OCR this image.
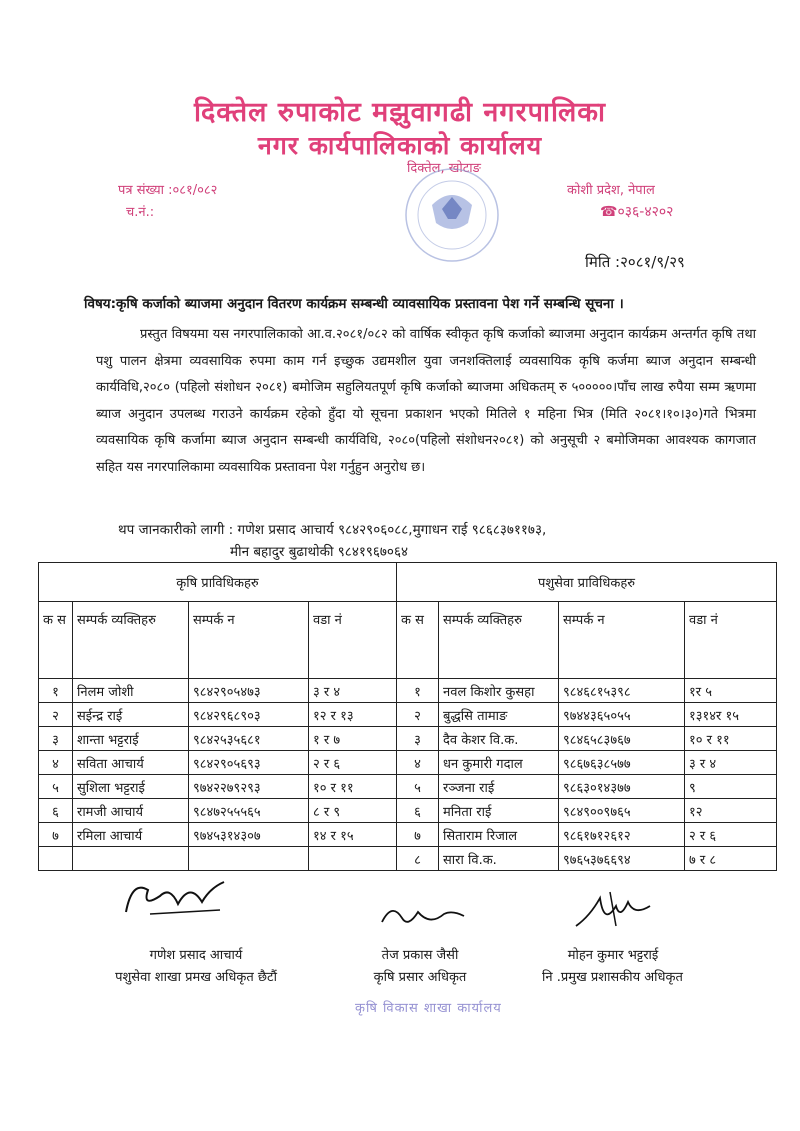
दिक्तेल रुपाकोट मझुवागढी नगरपालिका
नगर कार्यपालिकाको कार्यालय
दिक्तेल, खोटाङ
पत्र संख्या :०८१/०८२
च.नं.:
कोशी प्रदेश, नेपाल
☎०३६-४२०२
मिति :२०८१/९/२९
विषय:कृषि कर्जाको ब्याजमा अनुदान वितरण कार्यक्रम सम्बन्धी व्यावसायिक प्रस्तावना पेश गर्ने सम्बन्धि सूचना ।
प्रस्तुत विषयमा यस नगरपालिकाको आ.व.२०८१/०८२ को वार्षिक स्वीकृत कृषि कर्जाको ब्याजमा अनुदान कार्यक्रम अन्तर्गत कृषि तथा पशु पालन क्षेत्रमा व्यवसायिक रुपमा काम गर्न इच्छुक उद्यमशील युवा जनशक्तिलाई व्यवसायिक कृषि कर्जमा ब्याज अनुदान सम्बन्धी कार्यविधि,२०८० (पहिलो संशोधन २०८१) बमोजिम सहुलियतपूर्ण कृषि कर्जाको ब्याजमा अधिकतम् रु ५०००००।पाँच लाख रुपैया सम्म ऋणमा ब्याज अनुदान उपलब्ध गराउने कार्यक्रम रहेको हुँदा यो सूचना प्रकाशन भएको मितिले १ महिना भित्र (मिति २०८१।१०।३०)गते भित्रमा व्यवसायिक कृषि कर्जामा ब्याज अनुदान सम्बन्धी कार्यविधि, २०८०(पहिलो संशोधन२०८१) को अनुसूची २ बमोजिमका आवश्यक कागजात सहित यस नगरपालिकामा व्यवसायिक प्रस्तावना पेश गर्नुहुन अनुरोध छ।
थप जानकारीको लागी : गणेश प्रसाद आचार्य ९८४२९०६०८८,मुगाधन राई ९८६८३७११७३,
मीन बहादुर बुढाथोकी ९८४१९६७०६४
कृषि प्राविधिकहरु				पशुसेवा प्राविधिकहरु			
क स	सम्पर्क व्यक्तिहरु	सम्पर्क न	वडा नं	क स	सम्पर्क व्यक्तिहरु	सम्पर्क न	वडा नं
१	निलम जोशी	९८४२९०५४७३	३ र ४	१	नवल किशोर कुसहा	९८४६८१५३९८	१र ५
२	सईन्द्र राई	९८४२९६८९०३	१२ र १३	२	बुद्धसि तामाङ	९७४४३६५०५५	१३१४र १५
३	शान्ता भट्टराई	९८४२५३५६८१	१ र ७	३	दैव केशर वि.क.	९८४६५८३७६७	१० र ११
४	सविता आचार्य	९८४२९०५६९३	२ र ६	४	धन कुमारी गदाल	९८६७६३८५७७	३ र ४
५	सुशिला भट्टराई	९७४२२७९२९३	१० र ११	५	रञ्जना राई	९८६३०१४३७७	९
६	रामजी आचार्य	९८४७२५५५६५	८ र ९	६	मनिता राई	९८४९००९७६५	१२
७	रमिला आचार्य	९७४५३१४३०७	१४ र १५	७	सिताराम रिजाल	९८६१७१२६१२	२ र ६
				८	सारा वि.क.	९७६५३७६६९४	७ र ८
गणेश प्रसाद आचार्य
पशुसेवा शाखा प्रमख अधिकृत छैटौं
तेज प्रकास जैसी
कृषि प्रसार अधिकृत
मोहन कुमार भट्टराई
नि .प्रमुख प्रशासकीय अधिकृत
कृषि विकास शाखा कार्यालय
